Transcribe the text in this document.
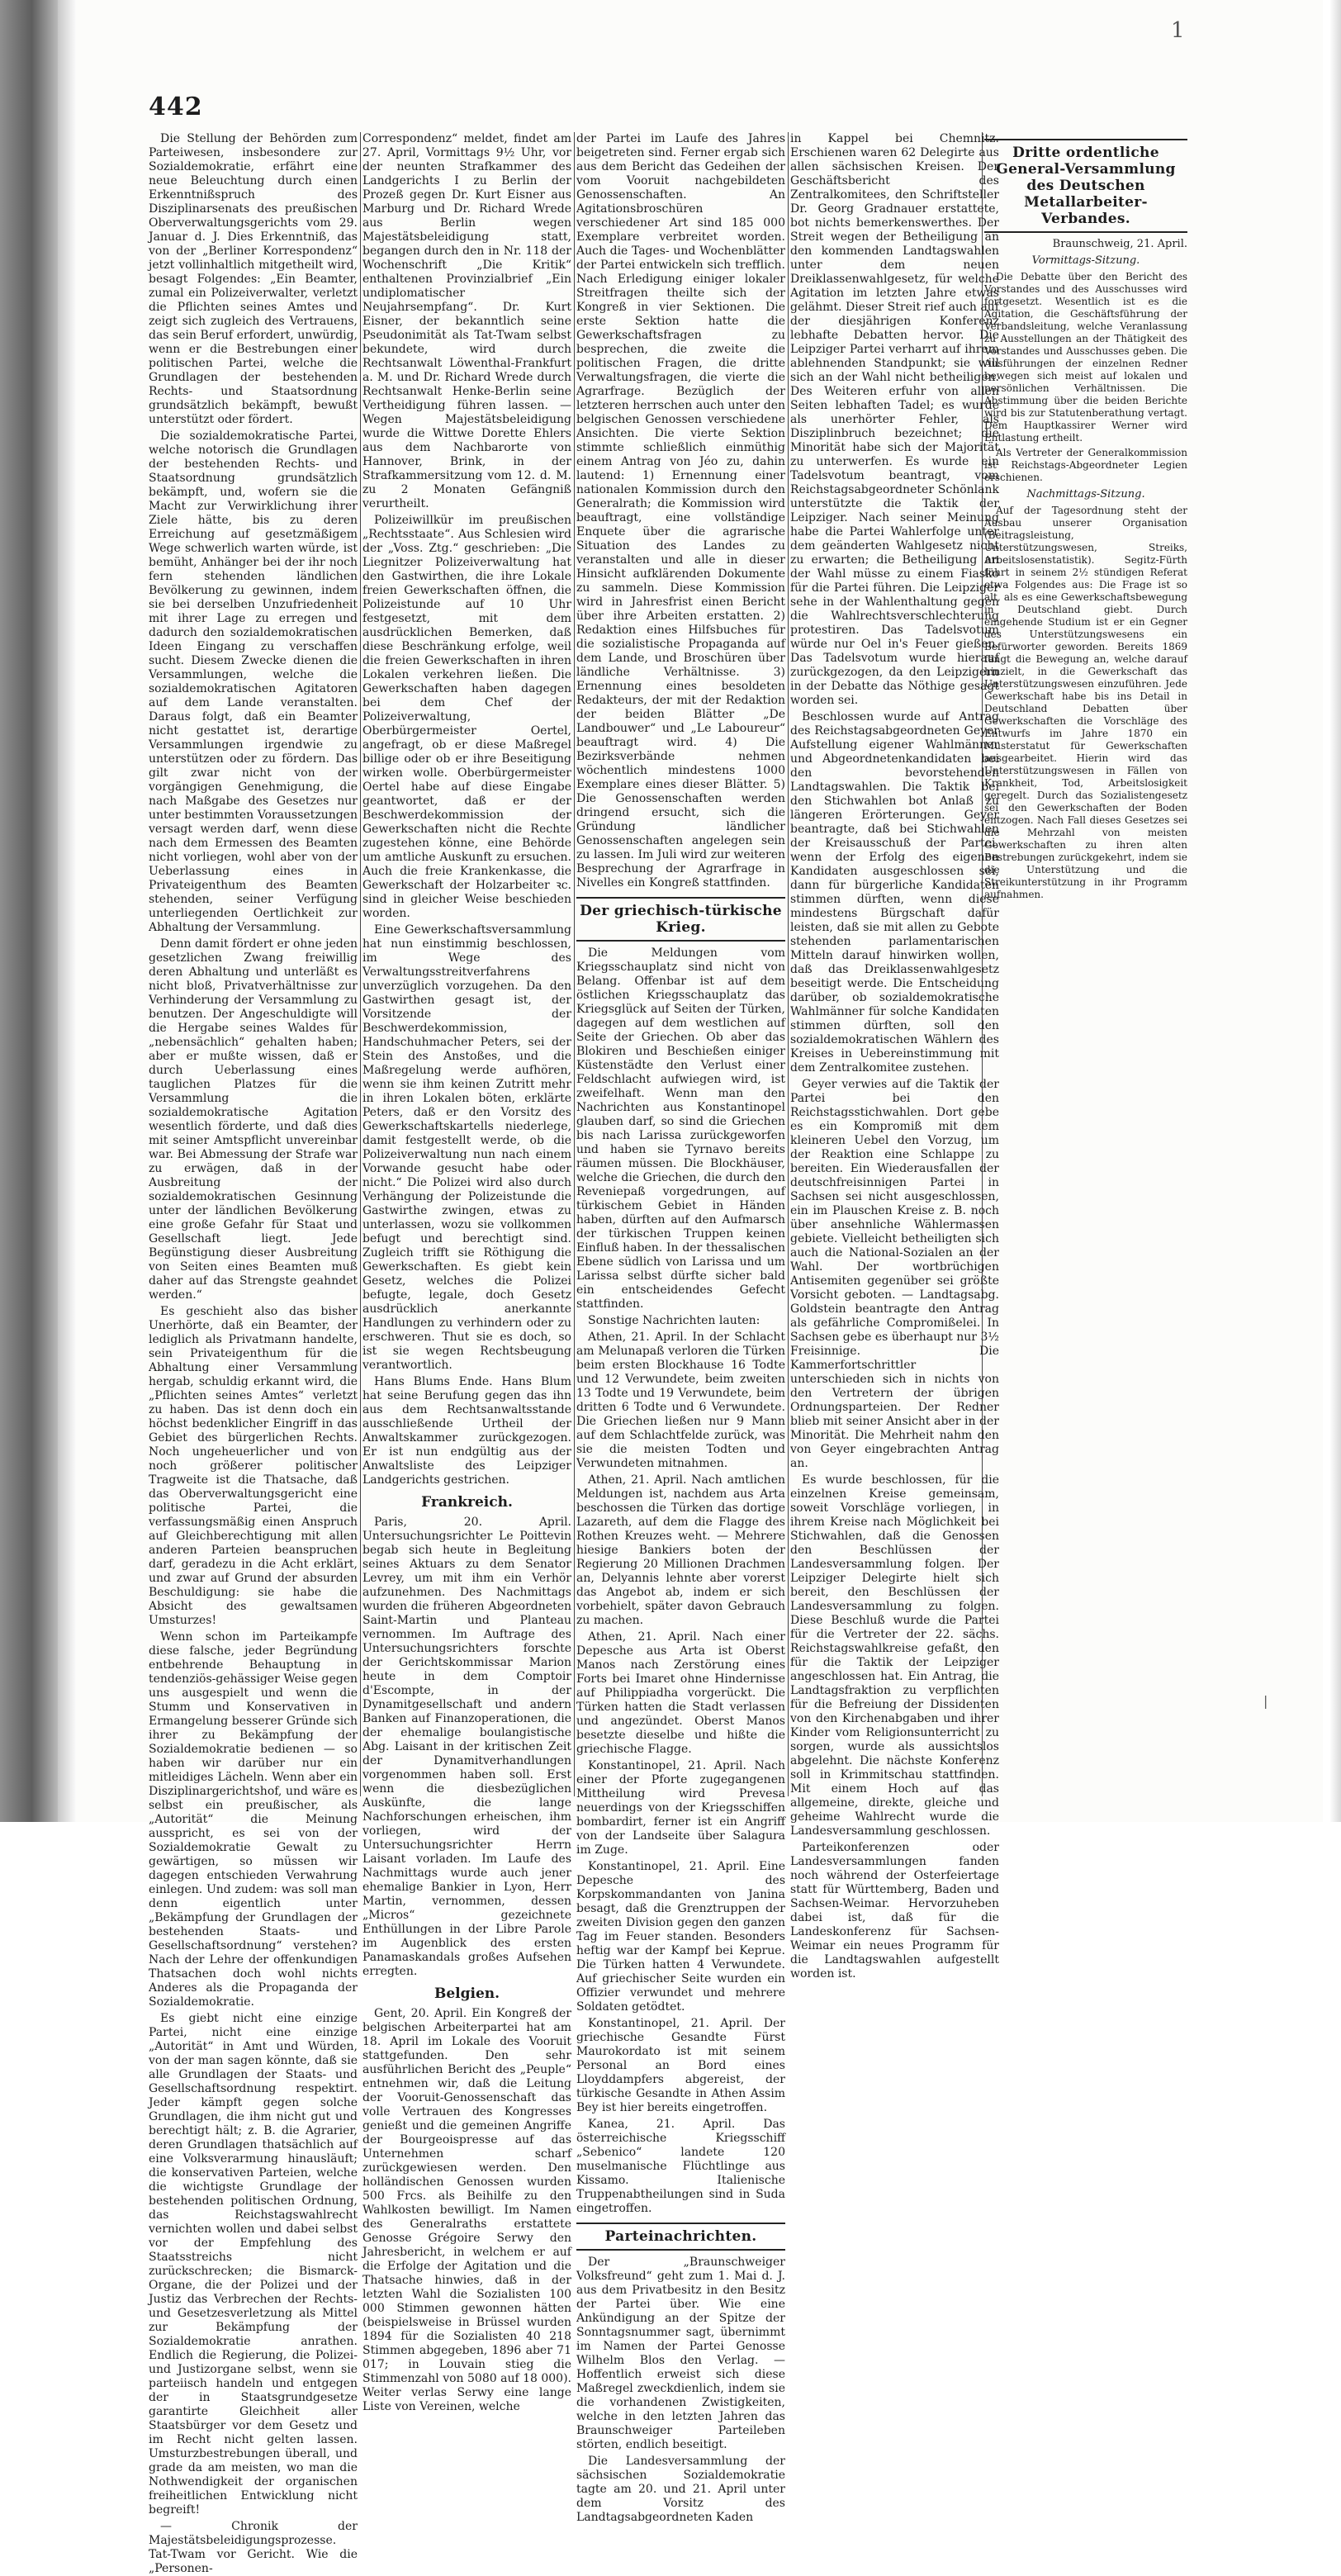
442
1

Die Stellung der Behörden zum Parteiwesen, insbesondere zur Sozialdemokratie, erfährt eine neue Beleuchtung durch einen Erkenntnißspruch des Disziplinarsenats des preußischen Oberverwaltungsgerichts vom 29. Januar d. J. Dies Erkenntniß, das von der „Berliner Korrespondenz“ jetzt vollinhaltlich mitgetheilt wird, besagt Folgendes: „Ein Beamter, zumal ein Polizeiverwalter, verletzt die Pflichten seines Amtes und zeigt sich zugleich des Vertrauens, das sein Beruf erfordert, unwürdig, wenn er die Bestrebungen einer politischen Partei, welche die Grundlagen der bestehenden Rechts- und Staatsordnung grundsätzlich bekämpft, bewußt unterstützt oder fördert.

Die sozialdemokratische Partei, welche notorisch die Grundlagen der bestehenden Rechts- und Staatsordnung grundsätzlich bekämpft, und, wofern sie die Macht zur Verwirklichung ihrer Ziele hätte, bis zu deren Erreichung auf gesetzmäßigem Wege schwerlich warten würde, ist bemüht, Anhänger bei der ihr noch fern stehenden ländlichen Bevölkerung zu gewinnen, indem sie bei derselben Unzufriedenheit mit ihrer Lage zu erregen und dadurch den sozialdemokratischen Ideen Eingang zu verschaffen sucht. Diesem Zwecke dienen die Versammlungen, welche die sozialdemokratischen Agitatoren auf dem Lande veranstalten. Daraus folgt, daß ein Beamter nicht gestattet ist, derartige Versammlungen irgendwie zu unterstützen oder zu fördern. Das gilt zwar nicht von der vorgängigen Genehmigung, die nach Maßgabe des Gesetzes nur unter bestimmten Voraussetzungen versagt werden darf, wenn diese nach dem Ermessen des Beamten nicht vorliegen, wohl aber von der Ueberlassung eines in Privateigenthum des Beamten stehenden, seiner Verfügung unterliegenden Oertlichkeit zur Abhaltung der Versammlung.

Denn damit fördert er ohne jeden gesetzlichen Zwang freiwillig deren Abhaltung und unterläßt es nicht bloß, Privatverhältnisse zur Verhinderung der Versammlung zu benutzen. Der Angeschuldigte will die Hergabe seines Waldes für „nebensächlich“ gehalten haben; aber er mußte wissen, daß er durch Ueberlassung eines tauglichen Platzes für die Versammlung die sozialdemokratische Agitation wesentlich förderte, und daß dies mit seiner Amtspflicht unvereinbar war. Bei Abmessung der Strafe war zu erwägen, daß in der Ausbreitung der sozialdemokratischen Gesinnung unter der ländlichen Bevölkerung eine große Gefahr für Staat und Gesellschaft liegt. Jede Begünstigung dieser Ausbreitung von Seiten eines Beamten muß daher auf das Strengste geahndet werden.“

Es geschieht also das bisher Unerhörte, daß ein Beamter, der lediglich als Privatmann handelte, sein Privateigenthum für die Abhaltung einer Versammlung hergab, schuldig erkannt wird, die „Pflichten seines Amtes“ verletzt zu haben. Das ist denn doch ein höchst bedenklicher Eingriff in das Gebiet des bürgerlichen Rechts. Noch ungeheuerlicher und von noch größerer politischer Tragweite ist die Thatsache, daß das Oberverwaltungsgericht eine politische Partei, die verfassungsmäßig einen Anspruch auf Gleichberechtigung mit allen anderen Parteien beanspruchen darf, geradezu in die Acht erklärt, und zwar auf Grund der absurden Beschuldigung: sie habe die Absicht des gewaltsamen Umsturzes!

Wenn schon im Parteikampfe diese falsche, jeder Begründung entbehrende Behauptung in tendenziös-gehässiger Weise gegen uns ausgespielt und wenn die Stumm und Konservativen in Ermangelung besserer Gründe sich ihrer zu Bekämpfung der Sozialdemokratie bedienen — so haben wir darüber nur ein mitleidiges Lächeln. Wenn aber ein Disziplinargerichtshof, und wäre es selbst ein preußischer, als „Autorität“ die Meinung ausspricht, es sei von der Sozialdemokratie Gewalt zu gewärtigen, so müssen wir dagegen entschieden Verwahrung einlegen. Und zudem: was soll man denn eigentlich unter „Bekämpfung der Grundlagen der bestehenden Staats- und Gesellschaftsordnung“ verstehen? Nach der Lehre der offenkundigen Thatsachen doch wohl nichts Anderes als die Propaganda der Sozialdemokratie.

Es giebt nicht eine einzige Partei, nicht eine einzige „Autorität“ in Amt und Würden, von der man sagen könnte, daß sie alle Grundlagen der Staats- und Gesellschaftsordnung respektirt. Jeder kämpft gegen solche Grundlagen, die ihm nicht gut und berechtigt hält; z. B. die Agrarier, deren Grundlagen thatsächlich auf eine Volksverarmung hinausläuft; die konservativen Parteien, welche die wichtigste Grundlage der bestehenden politischen Ordnung, das Reichstagswahlrecht vernichten wollen und dabei selbst vor der Empfehlung des Staatsstreichs nicht zurückschrecken; die Bismarck-Organe, die der Polizei und der Justiz das Verbrechen der Rechts- und Gesetzesverletzung als Mittel zur Bekämpfung der Sozialdemokratie anrathen. Endlich die Regierung, die Polizei- und Justizorgane selbst, wenn sie parteiisch handeln und entgegen der in Staatsgrundgesetze garantirte Gleichheit aller Staatsbürger vor dem Gesetz und im Recht nicht gelten lassen. Umsturzbestrebungen überall, und grade da am meisten, wo man die Nothwendigkeit der organischen freiheitlichen Entwicklung nicht begreift!

— Chronik der Majestätsbeleidigungsprozesse. Tat-Twam vor Gericht. Wie die „Personen-

Correspondenz“ meldet, findet am 27. April, Vormittags 9½ Uhr, vor der neunten Strafkammer des Landgerichts I zu Berlin der Prozeß gegen Dr. Kurt Eisner aus Marburg und Dr. Richard Wrede aus Berlin wegen Majestätsbeleidigung statt, begangen durch den in Nr. 118 der Wochenschrift „Die Kritik“ enthaltenen Provinzialbrief „Ein undiplomatischer Neujahrsempfang“. Dr. Kurt Eisner, der bekanntlich seine Pseudonimität als Tat-Twam selbst bekundete, wird durch Rechtsanwalt Löwenthal-Frankfurt a. M. und Dr. Richard Wrede durch Rechtsanwalt Henke-Berlin seine Vertheidigung führen lassen. — Wegen Majestätsbeleidigung wurde die Wittwe Dorette Ehlers aus dem Nachbarorte von Hannover, Brink, in der Strafkammersitzung vom 12. d. M. zu 2 Monaten Gefängniß verurtheilt.

Polizeiwillkür im preußischen „Rechtsstaate“. Aus Schlesien wird der „Voss. Ztg.“ geschrieben: „Die Liegnitzer Polizeiverwaltung hat den Gastwirthen, die ihre Lokale freien Gewerkschaften öffnen, die Polizeistunde auf 10 Uhr festgesetzt, mit dem ausdrücklichen Bemerken, daß diese Beschränkung erfolge, weil die freien Gewerkschaften in ihren Lokalen verkehren ließen. Die Gewerkschaften haben dagegen bei dem Chef der Polizeiverwaltung, Oberbürgermeister Oertel, angefragt, ob er diese Maßregel billige oder ob er ihre Beseitigung wirken wolle. Oberbürgermeister Oertel habe auf diese Eingabe geantwortet, daß er der Beschwerdekommission der Gewerkschaften nicht die Rechte zugestehen könne, eine Behörde um amtliche Auskunft zu ersuchen. Auch die freie Krankenkasse, die Gewerkschaft der Holzarbeiter ꝛc. sind in gleicher Weise beschieden worden.

Eine Gewerkschaftsversammlung hat nun einstimmig beschlossen, im Wege des Verwaltungsstreitverfahrens unverzüglich vorzugehen. Da den Gastwirthen gesagt ist, der Vorsitzende der Beschwerdekommission, Handschuhmacher Peters, sei der Stein des Anstoßes, und die Maßregelung werde aufhören, wenn sie ihm keinen Zutritt mehr in ihren Lokalen böten, erklärte Peters, daß er den Vorsitz des Gewerkschaftskartells niederlege, damit festgestellt werde, ob die Polizeiverwaltung nun nach einem Vorwande gesucht habe oder nicht.“ Die Polizei wird also durch Verhängung der Polizeistunde die Gastwirthe zwingen, etwas zu unterlassen, wozu sie vollkommen befugt und berechtigt sind. Zugleich trifft sie Röthigung die Gewerkschaften. Es giebt kein Gesetz, welches die Polizei befugte, legale, doch Gesetz ausdrücklich anerkannte Handlungen zu verhindern oder zu erschweren. Thut sie es doch, so ist sie wegen Rechtsbeugung verantwortlich.

Hans Blums Ende. Hans Blum hat seine Berufung gegen das ihn aus dem Rechtsanwaltsstande ausschließende Urtheil der Anwaltskammer zurückgezogen. Er ist nun endgültig aus der Anwaltsliste des Leipziger Landgerichts gestrichen.

Frankreich.

Paris, 20. April. Untersuchungsrichter Le Poittevin begab sich heute in Begleitung seines Aktuars zu dem Senator Levrey, um mit ihm ein Verhör aufzunehmen. Des Nachmittags wurden die früheren Abgeordneten Saint-Martin und Planteau vernommen. Im Auftrage des Untersuchungsrichters forschte der Gerichtskommissar Marion heute in dem Comptoir d'Escompte, in der Dynamitgesellschaft und andern Banken auf Finanzoperationen, die der ehemalige boulangistische Abg. Laisant in der kritischen Zeit der Dynamitverhandlungen vorgenommen haben soll. Erst wenn die diesbezüglichen Auskünfte, die lange Nachforschungen erheischen, ihm vorliegen, wird der Untersuchungsrichter Herrn Laisant vorladen. Im Laufe des Nachmittags wurde auch jener ehemalige Bankier in Lyon, Herr Martin, vernommen, dessen „Micros“ gezeichnete Enthüllungen in der Libre Parole im Augenblick des ersten Panamaskandals großes Aufsehen erregten.

Belgien.

Gent, 20. April. Ein Kongreß der belgischen Arbeiterpartei hat am 18. April im Lokale des Vooruit stattgefunden. Den sehr ausführlichen Bericht des „Peuple“ entnehmen wir, daß die Leitung der Vooruit-Genossenschaft das volle Vertrauen des Kongresses genießt und die gemeinen Angriffe der Bourgeoispresse auf das Unternehmen scharf zurückgewiesen werden. Den holländischen Genossen wurden 500 Frcs. als Beihilfe zu den Wahlkosten bewilligt. Im Namen des Generalraths erstattete Genosse Grégoire Serwy den Jahresbericht, in welchem er auf die Erfolge der Agitation und die Thatsache hinwies, daß in der letzten Wahl die Sozialisten 100 000 Stimmen gewonnen hätten (beispielsweise in Brüssel wurden 1894 für die Sozialisten 40 218 Stimmen abgegeben, 1896 aber 71 017; in Louvain stieg die Stimmenzahl von 5080 auf 18 000). Weiter verlas Serwy eine lange Liste von Vereinen, welche

der Partei im Laufe des Jahres beigetreten sind. Ferner ergab sich aus dem Bericht das Gedeihen der vom Vooruit nachgebildeten Genossenschaften. An Agitationsbroschüren verschiedener Art sind 185 000 Exemplare verbreitet worden. Auch die Tages- und Wochenblätter der Partei entwickeln sich trefflich. Nach Erledigung einiger lokaler Streitfragen theilte sich der Kongreß in vier Sektionen. Die erste Sektion hatte die Gewerkschaftsfragen zu besprechen, die zweite die politischen Fragen, die dritte Verwaltungsfragen, die vierte die Agrarfrage. Bezüglich der letzteren herrschen auch unter den belgischen Genossen verschiedene Ansichten. Die vierte Sektion stimmte schließlich einmüthig einem Antrag von Jéo zu, dahin lautend: 1) Ernennung einer nationalen Kommission durch den Generalrath; die Kommission wird beauftragt, eine vollständige Enquete über die agrarische Situation des Landes zu veranstalten und alle in dieser Hinsicht aufklärenden Dokumente zu sammeln. Diese Kommission wird in Jahresfrist einen Bericht über ihre Arbeiten erstatten. 2) Redaktion eines Hilfsbuches für die sozialistische Propaganda auf dem Lande, und Broschüren über ländliche Verhältnisse. 3) Ernennung eines besoldeten Redakteurs, der mit der Redaktion der beiden Blätter „De Landbouwer“ und „Le Laboureur“ beauftragt wird. 4) Die Bezirksverbände nehmen wöchentlich mindestens 1000 Exemplare eines dieser Blätter. 5) Die Genossenschaften werden dringend ersucht, sich die Gründung ländlicher Genossenschaften angelegen sein zu lassen. Im Juli wird zur weiteren Besprechung der Agrarfrage in Nivelles ein Kongreß stattfinden.

Der griechisch-türkische Krieg.

Die Meldungen vom Kriegsschauplatz sind nicht von Belang. Offenbar ist auf dem östlichen Kriegsschauplatz das Kriegsglück auf Seiten der Türken, dagegen auf dem westlichen auf Seite der Griechen. Ob aber das Blokiren und Beschießen einiger Küstenstädte den Verlust einer Feldschlacht aufwiegen wird, ist zweifelhaft. Wenn man den Nachrichten aus Konstantinopel glauben darf, so sind die Griechen bis nach Larissa zurückgeworfen und haben sie Tyrnavo bereits räumen müssen. Die Blockhäuser, welche die Griechen, die durch den Reveniepaß vorgedrungen, auf türkischem Gebiet in Händen haben, dürften auf den Aufmarsch der türkischen Truppen keinen Einfluß haben. In der thessalischen Ebene südlich von Larissa und um Larissa selbst dürfte sicher bald ein entscheidendes Gefecht stattfinden.

Sonstige Nachrichten lauten:

Athen, 21. April. In der Schlacht am Melunapaß verloren die Türken beim ersten Blockhause 16 Todte und 12 Verwundete, beim zweiten 13 Todte und 19 Verwundete, beim dritten 6 Todte und 6 Verwundete. Die Griechen ließen nur 9 Mann auf dem Schlachtfelde zurück, was sie die meisten Todten und Verwundeten mitnahmen.

Athen, 21. April. Nach amtlichen Meldungen ist, nachdem aus Arta beschossen die Türken das dortige Lazareth, auf dem die Flagge des Rothen Kreuzes weht. — Mehrere hiesige Bankiers boten der Regierung 20 Millionen Drachmen an, Delyannis lehnte aber vorerst das Angebot ab, indem er sich vorbehielt, später davon Gebrauch zu machen.

Athen, 21. April. Nach einer Depesche aus Arta ist Oberst Manos nach Zerstörung eines Forts bei Imaret ohne Hindernisse auf Philippiadha vorgerückt. Die Türken hatten die Stadt verlassen und angezündet. Oberst Manos besetzte dieselbe und hißte die griechische Flagge.

Konstantinopel, 21. April. Nach einer der Pforte zugegangenen Mittheilung wird Prevesa neuerdings von der Kriegsschiffen bombardirt, ferner ist ein Angriff von der Landseite über Salagura im Zuge.

Konstantinopel, 21. April. Eine Depesche des Korpskommandanten von Janina besagt, daß die Grenztruppen der zweiten Division gegen den ganzen Tag im Feuer standen. Besonders heftig war der Kampf bei Keprue. Die Türken hatten 4 Verwundete. Auf griechischer Seite wurden ein Offizier verwundet und mehrere Soldaten getödtet.

Konstantinopel, 21. April. Der griechische Gesandte Fürst Maurokordato ist mit seinem Personal an Bord eines Lloyddampfers abgereist, der türkische Gesandte in Athen Assim Bey ist hier bereits eingetroffen.

Kanea, 21. April. Das österreichische Kriegsschiff „Sebenico“ landete 120 muselmanische Flüchtlinge aus Kissamo. Italienische Truppenabtheilungen sind in Suda eingetroffen.

Parteinachrichten.

Der „Braunschweiger Volksfreund“ geht zum 1. Mai d. J. aus dem Privatbesitz in den Besitz der Partei über. Wie eine Ankündigung an der Spitze der Sonntagsnummer sagt, übernimmt im Namen der Partei Genosse Wilhelm Blos den Verlag. — Hoffentlich erweist sich diese Maßregel zweckdienlich, indem sie die vorhandenen Zwistigkeiten, welche in den letzten Jahren das Braunschweiger Parteileben störten, endlich beseitigt.

Die Landesversammlung der sächsischen Sozialdemokratie tagte am 20. und 21. April unter dem Vorsitz des Landtagsabgeordneten Kaden

in Kappel bei Chemnitz. Erschienen waren 62 Delegirte aus allen sächsischen Kreisen. Der Geschäftsbericht des Zentralkomitees, den Schriftsteller Dr. Georg Gradnauer erstattete, bot nichts bemerkenswerthes. Der Streit wegen der Betheiligung an den kommenden Landtagswahlen unter dem neuen Dreiklassenwahlgesetz, für welche Agitation im letzten Jahre etwas gelähmt. Dieser Streit rief auch auf der diesjährigen Konferenz lebhafte Debatten hervor. Die Leipziger Partei verharrt auf ihrem ablehnenden Standpunkt; sie will sich an der Wahl nicht betheiligen. Des Weiteren erfuhr von allen Seiten lebhaften Tadel; es wurde als unerhörter Fehler, als Disziplinbruch bezeichnet; die Minorität habe sich der Majorität zu unterwerfen. Es wurde ein Tadelsvotum beantragt, vom Reichstagsabgeordneter Schönlank unterstützte die Taktik der Leipziger. Nach seiner Meinung habe die Partei Wahlerfolge unter dem geänderten Wahlgesetz nicht zu erwarten; die Betheiligung an der Wahl müsse zu einem Fiasko für die Partei führen. Die Leipziger sehe in der Wahlenthaltung gegen die Wahlrechtsverschlechterung protestiren. Das Tadelsvotum würde nur Oel in's Feuer gießen. Das Tadelsvotum wurde hierauf zurückgezogen, da den Leipzigern in der Debatte das Nöthige gesagt worden sei.

Beschlossen wurde auf Antrag des Reichstagsabgeordneten Geyer Aufstellung eigener Wahlmänner und Abgeordnetenkandidaten bei den bevorstehenden Landtagswahlen. Die Taktik bei den Stichwahlen bot Anlaß zu längeren Erörterungen. Geyer beantragte, daß bei Stichwahlen der Kreisausschuß der Partei, wenn der Erfolg des eigenen Kandidaten ausgeschlossen sei, dann für bürgerliche Kandidaten stimmen dürften, wenn diese mindestens Bürgschaft dafür leisten, daß sie mit allen zu Gebote stehenden parlamentarischen Mitteln darauf hinwirken wollen, daß das Dreiklassenwahlgesetz beseitigt werde. Die Entscheidung darüber, ob sozialdemokratische Wahlmänner für solche Kandidaten stimmen dürften, soll den sozialdemokratischen Wählern des Kreises in Uebereinstimmung mit dem Zentralkomitee zustehen.

Geyer verwies auf die Taktik der Partei bei den Reichstagsstichwahlen. Dort gebe es ein Kompromiß mit dem kleineren Uebel den Vorzug, um der Reaktion eine Schlappe zu bereiten. Ein Wiederausfallen der deutschfreisinnigen Partei in Sachsen sei nicht ausgeschlossen, ein im Plauschen Kreise z. B. noch über ansehnliche Wählermassen gebiete. Vielleicht betheiligten sich auch die National-Sozialen an der Wahl. Der wortbrüchigen Antisemiten gegenüber sei größte Vorsicht geboten. — Landtagsabg. Goldstein beantragte den Antrag als gefährliche Compromißelei. In Sachsen gebe es überhaupt nur 3½ Freisinnige. Die Kammerfortschrittler unterschieden sich in nichts von den Vertretern der übrigen Ordnungsparteien. Der Redner blieb mit seiner Ansicht aber in der Minorität. Die Mehrheit nahm den von Geyer eingebrachten Antrag an.

Es wurde beschlossen, für die einzelnen Kreise gemeinsam, soweit Vorschläge vorliegen, in ihrem Kreise nach Möglichkeit bei Stichwahlen, daß die Genossen den Beschlüssen der Landesversammlung folgen. Der Leipziger Delegirte hielt sich bereit, den Beschlüssen der Landesversammlung zu folgen. Diese Beschluß wurde die Partei für die Vertreter der 22. sächs. Reichstagswahlkreise gefaßt, den für die Taktik der Leipziger angeschlossen hat. Ein Antrag, die Landtagsfraktion zu verpflichten für die Befreiung der Dissidenten von den Kirchenabgaben und ihrer Kinder vom Religionsunterricht zu sorgen, wurde als aussichtslos abgelehnt. Die nächste Konferenz soll in Krimmitschau stattfinden. Mit einem Hoch auf das allgemeine, direkte, gleiche und geheime Wahlrecht wurde die Landesversammlung geschlossen.

Parteikonferenzen oder Landesversammlungen fanden noch während der Osterfeiertage statt für Württemberg, Baden und Sachsen-Weimar. Hervorzuheben dabei ist, daß für die Landeskonferenz für Sachsen-Weimar ein neues Programm für die Landtagswahlen aufgestellt worden ist.

Dritte ordentliche General-Versammlung des Deutschen Metallarbeiter-Verbandes.
Braunschweig, 21. April.

Vormittags-Sitzung.

Die Debatte über den Bericht des Vorstandes und des Ausschusses wird fortgesetzt. Wesentlich ist es die Agitation, die Geschäftsführung der Verbandsleitung, welche Veranlassung zu Ausstellungen an der Thätigkeit des Vorstandes und Ausschusses geben. Die Ausführungen der einzelnen Redner bewegen sich meist auf lokalen und persönlichen Verhältnissen. Die Abstimmung über die beiden Berichte wird bis zur Statutenberathung vertagt. Dem Hauptkassirer Werner wird Entlastung ertheilt.

Als Vertreter der Generalkommission ist Reichstags-Abgeordneter Legien erschienen.

Nachmittags-Sitzung.

Auf der Tagesordnung steht der Ausbau unserer Organisation (Beitragsleistung, Unterstützungswesen, Streiks, Arbeitslosenstatistik). Segitz-Fürth führt in seinem 2½ stündigen Referat etwa Folgendes aus: Die Frage ist so alt, als es eine Gewerkschaftsbewegung in Deutschland giebt. Durch eingehende Studium ist er ein Gegner des Unterstützungswesens ein Befürworter geworden. Bereits 1869 fängt die Bewegung an, welche darauf hinzielt, in die Gewerkschaft das Unterstützungswesen einzuführen. Jede Gewerkschaft habe bis ins Detail in Deutschland Debatten über Gewerkschaften die Vorschläge des Entwurfs im Jahre 1870 ein Musterstatut für Gewerkschaften ausgearbeitet. Hierin wird das Unterstützungswesen in Fällen von Krankheit, Tod, Arbeitslosigkeit geregelt. Durch das Sozialistengesetz sei den Gewerkschaften der Boden entzogen. Nach Fall dieses Gesetzes sei die Mehrzahl von meisten Gewerkschaften zu ihren alten Bestrebungen zurückgekehrt, indem sie die Unterstützung und die Streikunterstützung in ihr Programm aufnahmen.

|
